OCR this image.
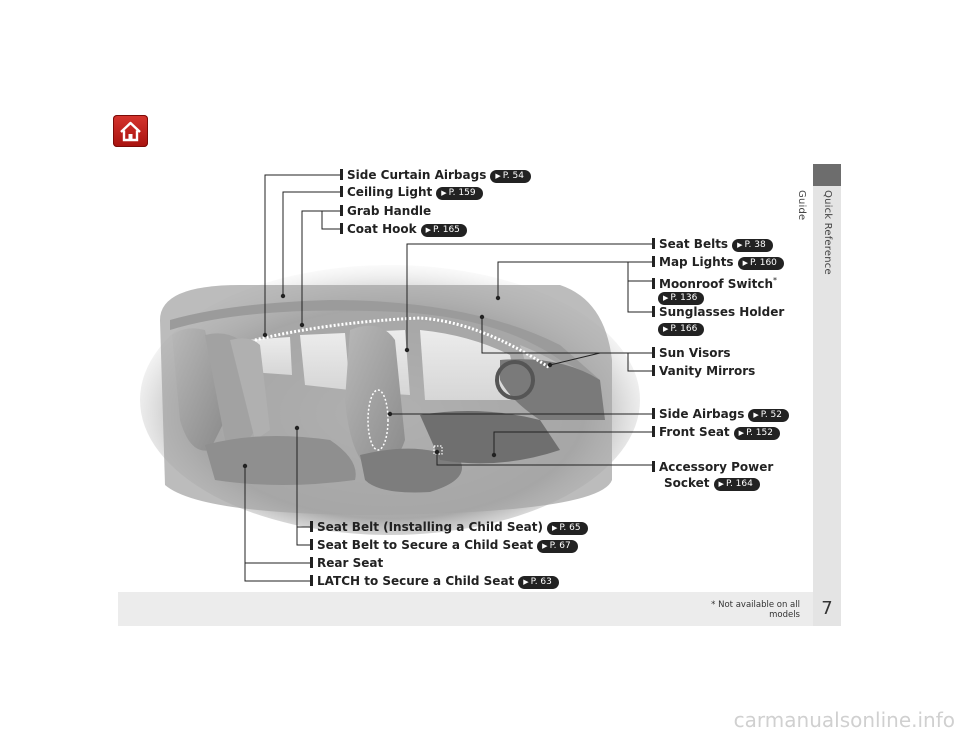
Side Curtain Airbags ▶ P. 54
Ceiling Light ▶ P. 159
Grab Handle
Coat Hook ▶ P. 165
Seat Belts ▶ P. 38
Map Lights ▶ P. 160
Moonroof Switch*
▶ P. 136
Sunglasses Holder
▶ P. 166
Sun Visors
Vanity Mirrors
Side Airbags ▶ P. 52
Front Seat ▶ P. 152
Accessory Power
Socket ▶ P. 164
Seat Belt (Installing a Child Seat) ▶ P. 65
Seat Belt to Secure a Child Seat ▶ P. 67
Rear Seat
LATCH to Secure a Child Seat ▶ P. 63
Quick Reference Guide
7
* Not available on all models
carmanualsonline.info
